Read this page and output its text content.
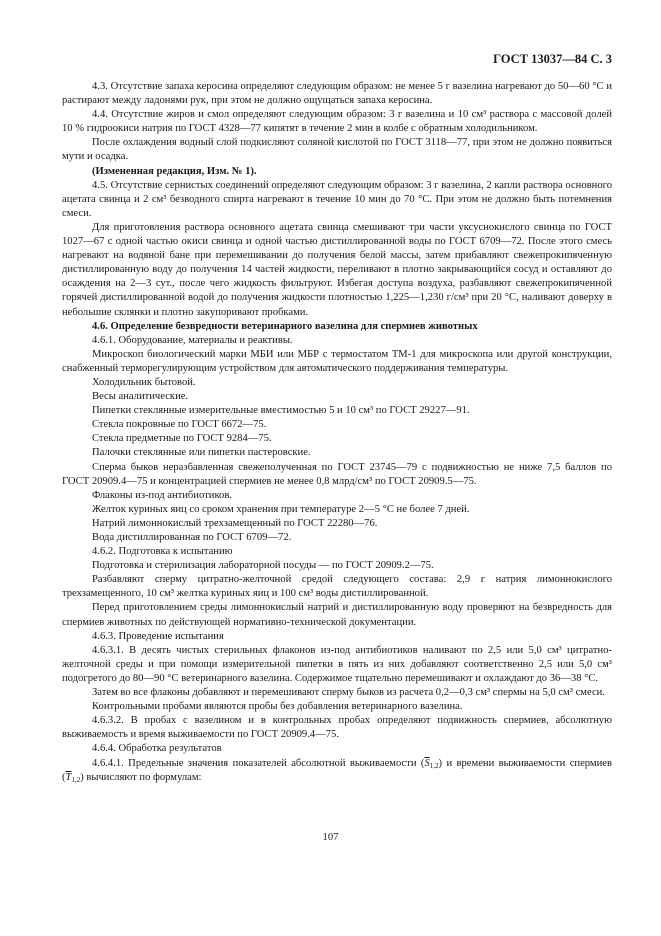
ГОСТ 13037—84 С. 3

4.3. Отсутствие запаха керосина определяют следующим образом: не менее 5 г вазелина нагревают до 50—60 °С и растирают между ладонями рук, при этом не должно ощущаться запаха керосина.

4.4. Отсутствие жиров и смол определяют следующим образом: 3 г вазелина и 10 см³ раствора с массовой долей 10 % гидроокиси натрия по ГОСТ 4328—77 кипятят в течение 2 мин в колбе с обратным холодильником.

После охлаждения водный слой подкисляют соляной кислотой по ГОСТ 3118—77, при этом не должно появиться мути и осадка.

(Измененная редакция, Изм. № 1).

4.5. Отсутствие сернистых соединений определяют следующим образом: 3 г вазелина, 2 капли раствора основного ацетата свинца и 2 см³ безводного спирта нагревают в течение 10 мин до 70 °С. При этом не должно быть потемнения смеси.

Для приготовления раствора основного ацетата свинца смешивают три части уксуснокислого свинца по ГОСТ 1027—67 с одной частью окиси свинца и одной частью дистиллированной воды по ГОСТ 6709—72. После этого смесь нагревают на водяной бане при перемешивании до получения белой массы, затем прибавляют свежепрокипяченную дистиллированную воду до получения 14 частей жидкости, переливают в плотно закрывающийся сосуд и оставляют до осаждения на 2—3 сут., после чего жидкость фильтруют. Избегая доступа воздуха, разбавляют свежепрокипяченной горячей дистиллированной водой до получения жидкости плотностью 1,225—1,230 г/см³ при 20 °С, наливают доверху в небольшие склянки и плотно закупоривают пробками.

4.6. Определение безвредности ветеринарного вазелина для спермиев животных

4.6.1. Оборудование, материалы и реактивы.

Микроскоп биологический марки МБИ или МБР с термостатом ТМ-1 для микроскопа или другой конструкции, снабженный терморегулирующим устройством для автоматического поддерживания температуры.

Холодильник бытовой.

Весы аналитические.

Пипетки стеклянные измерительные вместимостью 5 и 10 см³ по ГОСТ 29227—91.

Стекла покровные по ГОСТ 6672—75.

Стекла предметные по ГОСТ 9284—75.

Палочки стеклянные или пипетки пастеровские.

Сперма быков неразбавленная свежеполученная по ГОСТ 23745—79 с подвижностью не ниже 7,5 баллов по ГОСТ 20909.4—75 и концентрацией спермиев не менее 0,8 млрд/см³ по ГОСТ 20909.5—75.

Флаконы из-под антибиотиков.

Желток куриных яиц со сроком хранения при температуре 2—5 °С не более 7 дней.

Натрий лимоннокислый трехзамещенный по ГОСТ 22280—76.

Вода дистиллированная по ГОСТ 6709—72.

4.6.2. Подготовка к испытанию

Подготовка и стерилизация лабораторной посуды — по ГОСТ 20909.2—75.

Разбавляют сперму цитратно-желточной средой следующего состава: 2,9 г натрия лимоннокислого трехзамещенного, 10 см³ желтка куриных яиц и 100 см³ воды дистиллированной.

Перед приготовлением среды лимоннокислый натрий и дистиллированную воду проверяют на безвредность для спермиев животных по действующей нормативно-технической документации.

4.6.3. Проведение испытания

4.6.3.1. В десять чистых стерильных флаконов из-под антибиотиков наливают по 2,5 или 5,0 см³ цитратно-желточной среды и при помощи измерительной пипетки в пять из них добавляют соответственно 2,5 или 5,0 см³ подогретого до 80—90 °С ветеринарного вазелина. Содержимое тщательно перемешивают и охлаждают до 36—38 °С.

Затем во все флаконы добавляют и перемешивают сперму быков из расчета 0,2—0,3 см³ спермы на 5,0 см³ смеси.

Контрольными пробами являются пробы без добавления ветеринарного вазелина.

4.6.3.2. В пробах с вазелином и в контрольных пробах определяют подвижность спермиев, абсолютную выживаемость и время выживаемости по ГОСТ 20909.4—75.

4.6.4. Обработка результатов

4.6.4.1. Предельные значения показателей абсолютной выживаемости $(\overline{S}_{1,2})$ и времени выживаемости спермиев $(\overline{T}_{1,2})$ вычисляют по формулам:

107
